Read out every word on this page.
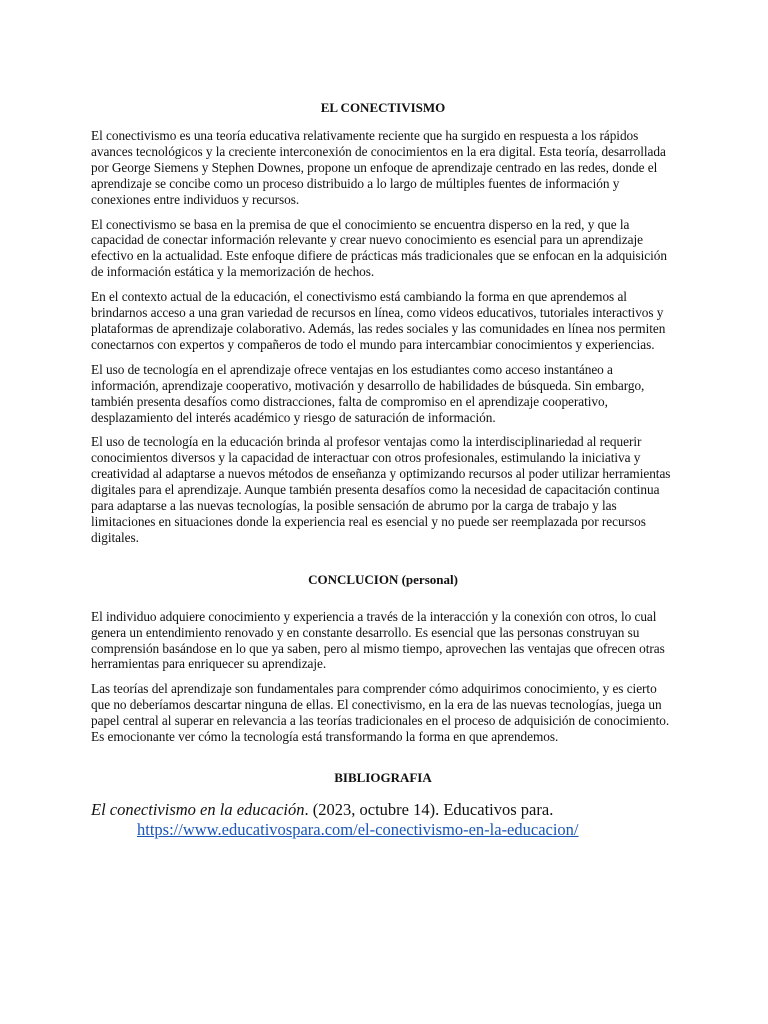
EL CONECTIVISMO

El conectivismo es una teoría educativa relativamente reciente que ha surgido en respuesta a los rápidos avances tecnológicos y la creciente interconexión de conocimientos en la era digital. Esta teoría, desarrollada por George Siemens y Stephen Downes, propone un enfoque de aprendizaje centrado en las redes, donde el aprendizaje se concibe como un proceso distribuido a lo largo de múltiples fuentes de información y conexiones entre individuos y recursos.

El conectivismo se basa en la premisa de que el conocimiento se encuentra disperso en la red, y que la capacidad de conectar información relevante y crear nuevo conocimiento es esencial para un aprendizaje efectivo en la actualidad. Este enfoque difiere de prácticas más tradicionales que se enfocan en la adquisición de información estática y la memorización de hechos.

En el contexto actual de la educación, el conectivismo está cambiando la forma en que aprendemos al brindarnos acceso a una gran variedad de recursos en línea, como videos educativos, tutoriales interactivos y plataformas de aprendizaje colaborativo. Además, las redes sociales y las comunidades en línea nos permiten conectarnos con expertos y compañeros de todo el mundo para intercambiar conocimientos y experiencias.

El uso de tecnología en el aprendizaje ofrece ventajas en los estudiantes como acceso instantáneo a información, aprendizaje cooperativo, motivación y desarrollo de habilidades de búsqueda. Sin embargo, también presenta desafíos como distracciones, falta de compromiso en el aprendizaje cooperativo, desplazamiento del interés académico y riesgo de saturación de información.

El uso de tecnología en la educación brinda al profesor ventajas como la interdisciplinariedad al requerir conocimientos diversos y la capacidad de interactuar con otros profesionales, estimulando la iniciativa y creatividad al adaptarse a nuevos métodos de enseñanza y optimizando recursos al poder utilizar herramientas digitales para el aprendizaje. Aunque también presenta desafíos como la necesidad de capacitación continua para adaptarse a las nuevas tecnologías, la posible sensación de abrumo por la carga de trabajo y las limitaciones en situaciones donde la experiencia real es esencial y no puede ser reemplazada por recursos digitales.

CONCLUCION (personal)

El individuo adquiere conocimiento y experiencia a través de la interacción y la conexión con otros, lo cual genera un entendimiento renovado y en constante desarrollo. Es esencial que las personas construyan su comprensión basándose en lo que ya saben, pero al mismo tiempo, aprovechen las ventajas que ofrecen otras herramientas para enriquecer su aprendizaje.

Las teorías del aprendizaje son fundamentales para comprender cómo adquirimos conocimiento, y es cierto que no deberíamos descartar ninguna de ellas. El conectivismo, en la era de las nuevas tecnologías, juega un papel central al superar en relevancia a las teorías tradicionales en el proceso de adquisición de conocimiento. Es emocionante ver cómo la tecnología está transformando la forma en que aprendemos.

BIBLIOGRAFIA

El conectivismo en la educación. (2023, octubre 14). Educativos para.
https://www.educativospara.com/el-conectivismo-en-la-educacion/
